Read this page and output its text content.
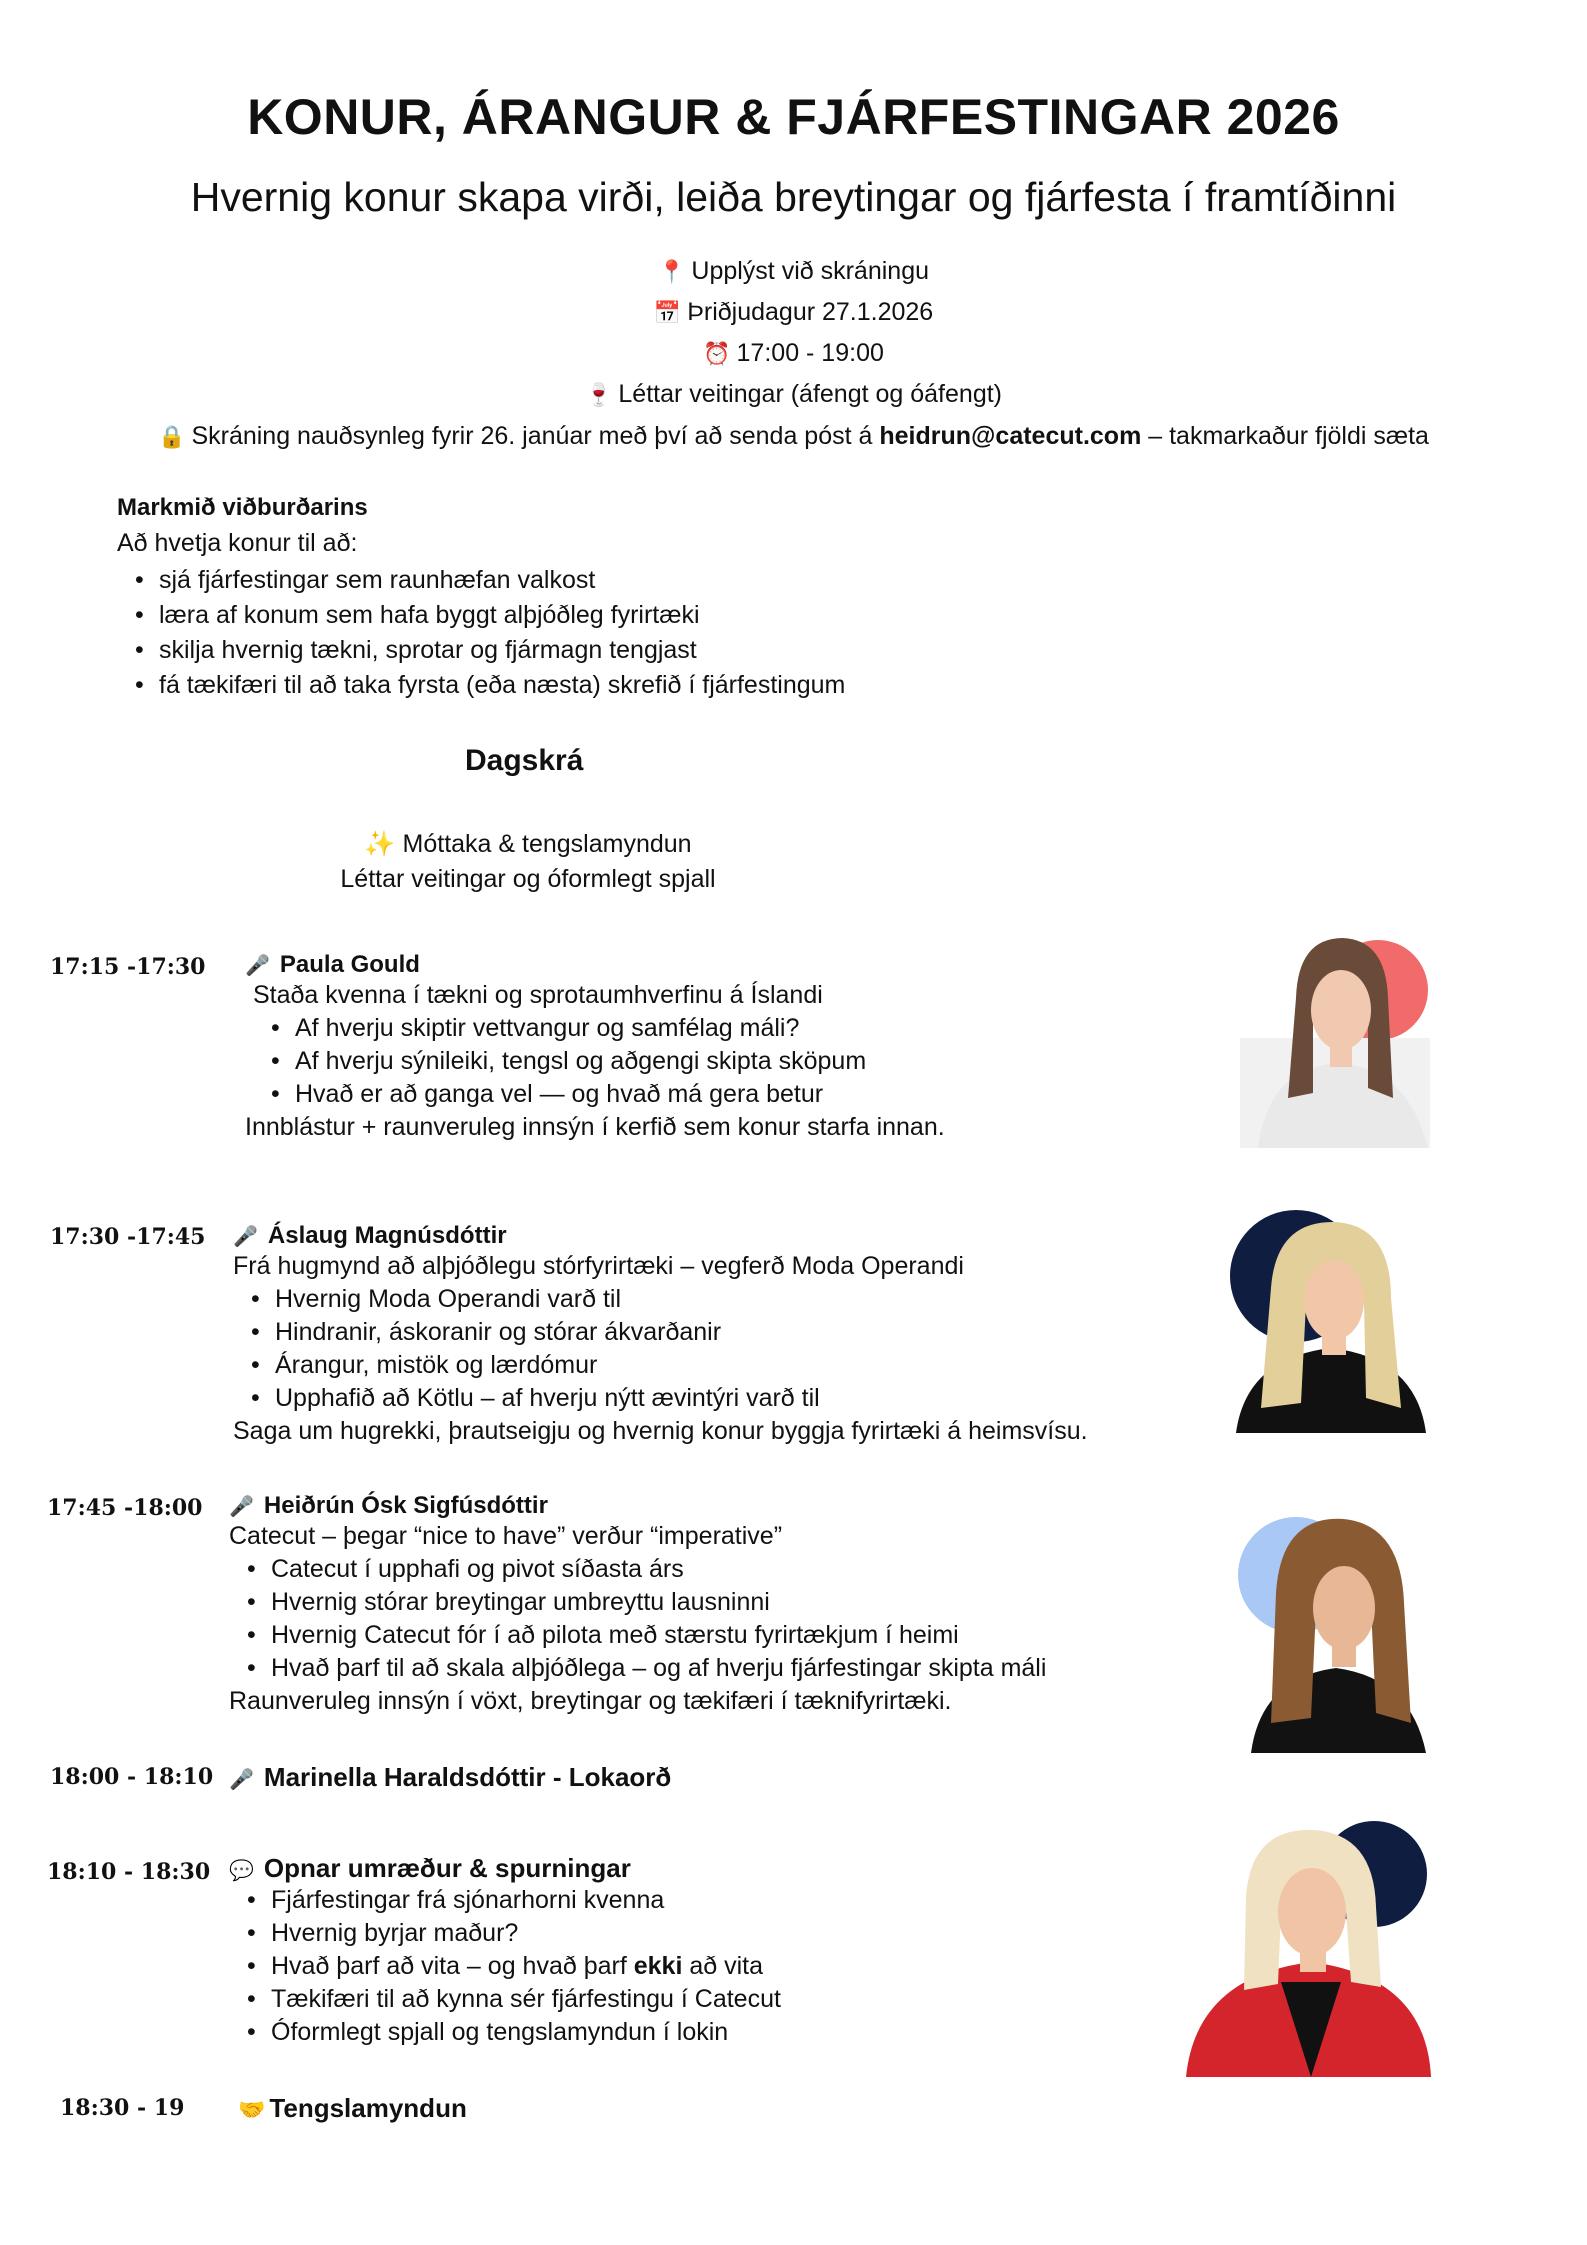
KONUR, ÁRANGUR & FJÁRFESTINGAR 2026
Hvernig konur skapa virði, leiða breytingar og fjárfesta í framtíðinni
📍 Upplýst við skráningu
📅 Þriðjudagur 27.1.2026
⏰ 17:00 - 19:00
🍷 Léttar veitingar (áfengt og óáfengt)
🔒 Skráning nauðsynleg fyrir 26. janúar með því að senda póst á heidrun@catecut.com – takmarkaður fjöldi sæta
Markmið viðburðarins
Að hvetja konur til að:
• sjá fjárfestingar sem raunhæfan valkost
• læra af konum sem hafa byggt alþjóðleg fyrirtæki
• skilja hvernig tækni, sprotar og fjármagn tengjast
• fá tækifæri til að taka fyrsta (eða næsta) skrefið í fjárfestingum
Dagskrá
✨ Móttaka & tengslamyndun
Léttar veitingar og óformlegt spjall
17:15 -17:30 🎤 Paula Gould
Staða kvenna í tækni og sprotaumhverfinu á Íslandi
• Af hverju skiptir vettvangur og samfélag máli?
• Af hverju sýnileiki, tengsl og aðgengi skipta sköpum
• Hvað er að ganga vel — og hvað má gera betur
Innblástur + raunveruleg innsýn í kerfið sem konur starfa innan.
17:30 -17:45 🎤 Áslaug Magnúsdóttir
Frá hugmynd að alþjóðlegu stórfyrirtæki – vegferð Moda Operandi
• Hvernig Moda Operandi varð til
• Hindranir, áskoranir og stórar ákvarðanir
• Árangur, mistök og lærdómur
• Upphafið að Kötlu – af hverju nýtt ævintýri varð til
Saga um hugrekki, þrautseigju og hvernig konur byggja fyrirtæki á heimsvísu.
17:45 -18:00 🎤 Heiðrún Ósk Sigfúsdóttir
Catecut – þegar “nice to have” verður “imperative”
• Catecut í upphafi og pivot síðasta árs
• Hvernig stórar breytingar umbreyttu lausninni
• Hvernig Catecut fór í að pilota með stærstu fyrirtækjum í heimi
• Hvað þarf til að skala alþjóðlega – og af hverju fjárfestingar skipta máli
Raunveruleg innsýn í vöxt, breytingar og tækifæri í tæknifyrirtæki.
18:00 - 18:10 🎤 Marinella Haraldsdóttir - Lokaorð
18:10 - 18:30 💬 Opnar umræður & spurningar
• Fjárfestingar frá sjónarhorni kvenna
• Hvernig byrjar maður?
• Hvað þarf að vita – og hvað þarf ekki að vita
• Tækifæri til að kynna sér fjárfestingu í Catecut
• Óformlegt spjall og tengslamyndun í lokin
18:30 - 19 🤝 Tengslamyndun
